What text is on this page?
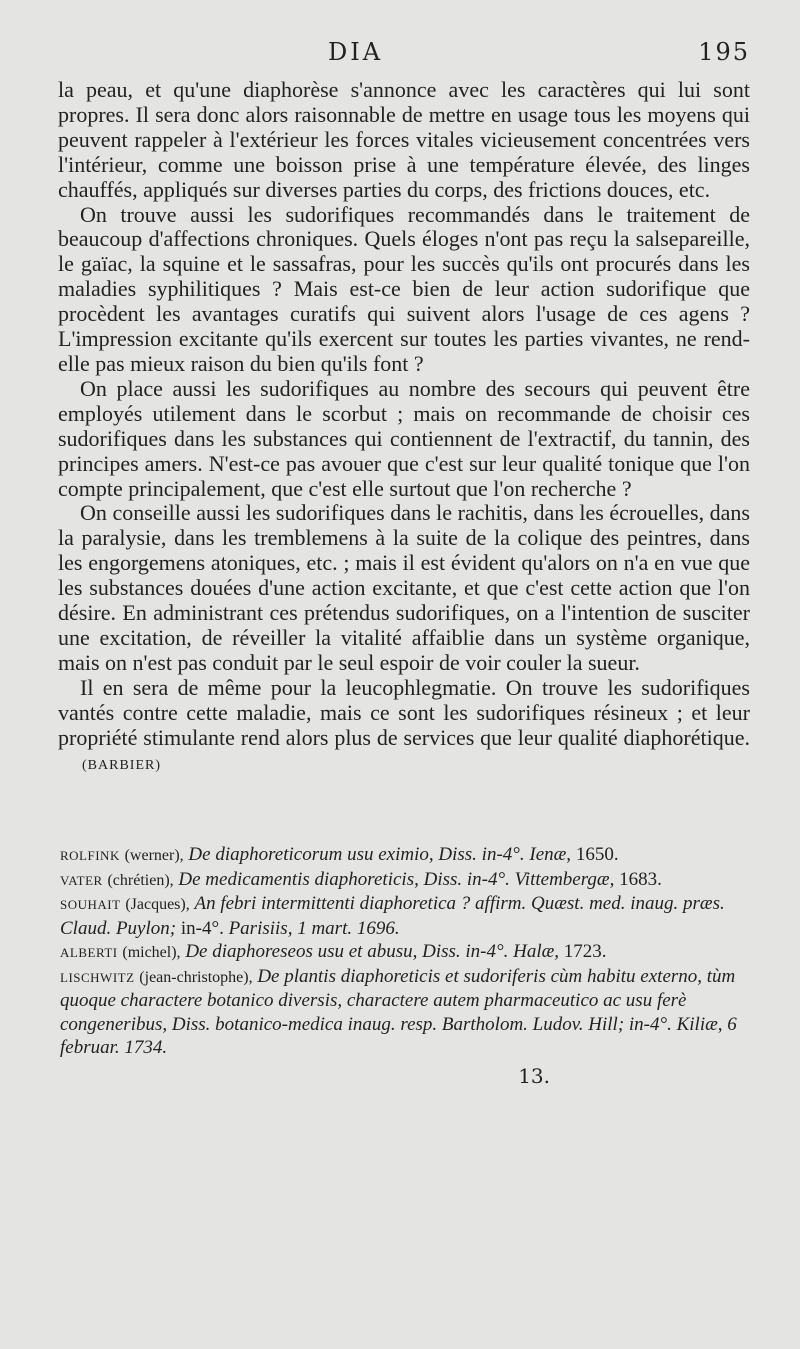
DIA	195

la peau, et qu'une diaphorèse s'annonce avec les caractères qui lui sont propres. Il sera donc alors raisonnable de mettre en usage tous les moyens qui peuvent rappeler à l'extérieur les forces vitales vicieusement concentrées vers l'intérieur, comme une boisson prise à une température élevée, des linges chauffés, appliqués sur diverses parties du corps, des frictions douces, etc.

On trouve aussi les sudorifiques recommandés dans le traitement de beaucoup d'affections chroniques. Quels éloges n'ont pas reçu la salsepareille, le gaïac, la squine et le sassafras, pour les succès qu'ils ont procurés dans les maladies syphilitiques ? Mais est-ce bien de leur action sudorifique que procèdent les avantages curatifs qui suivent alors l'usage de ces agens ? L'impression excitante qu'ils exercent sur toutes les parties vivantes, ne rend-elle pas mieux raison du bien qu'ils font ?

On place aussi les sudorifiques au nombre des secours qui peuvent être employés utilement dans le scorbut ; mais on recommande de choisir ces sudorifiques dans les substances qui contiennent de l'extractif, du tannin, des principes amers. N'est-ce pas avouer que c'est sur leur qualité tonique que l'on compte principalement, que c'est elle surtout que l'on recherche ?

On conseille aussi les sudorifiques dans le rachitis, dans les écrouelles, dans la paralysie, dans les tremblemens à la suite de la colique des peintres, dans les engorgemens atoniques, etc. ; mais il est évident qu'alors on n'a en vue que les substances douées d'une action excitante, et que c'est cette action que l'on désire. En administrant ces prétendus sudorifiques, on a l'intention de susciter une excitation, de réveiller la vitalité affaiblie dans un système organique, mais on n'est pas conduit par le seul espoir de voir couler la sueur.

Il en sera de même pour la leucophlegmatie. On trouve les sudorifiques vantés contre cette maladie, mais ce sont les sudorifiques résineux ; et leur propriété stimulante rend alors plus de services que leur qualité diaphorétique.(BARBIER)

ROLFINK (werner), De diaphoreticorum usu eximio, Diss. in-4°. Ienæ, 1650.
VATER (chrétien), De medicamentis diaphoreticis, Diss. in-4°. Vittembergæ, 1683.
SOUHAIT (Jacques), An febri intermittenti diaphoretica ? affirm. Quæst. med. inaug. præs. Claud. Puylon; in-4°. Parisiis, 1 mart. 1696.
ALBERTI (michel), De diaphoreseos usu et abusu, Diss. in-4°. Halæ, 1723.
LISCHWITZ (jean-christophe), De plantis diaphoreticis et sudoriferis cùm habitu externo, tùm quoque charactere botanico diversis, charactere autem pharmaceutico ac usu ferè congeneribus, Diss. botanico-medica inaug. resp. Bartholom. Ludov. Hill; in-4°. Kiliæ, 6 februar. 1734.
13.
